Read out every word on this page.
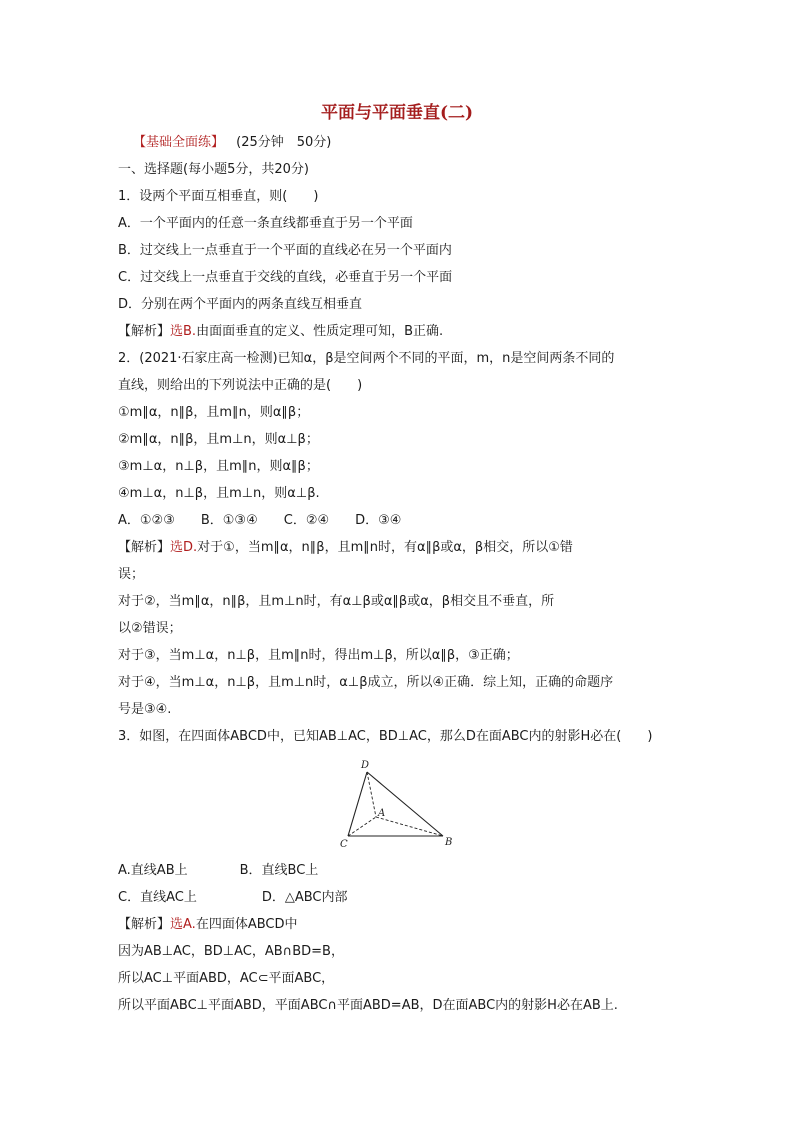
平面与平面垂直(二)
【基础全面练】 (25分钟　50分)
一、选择题(每小题5分，共20分)
1．设两个平面互相垂直，则(　　)
A．一个平面内的任意一条直线都垂直于另一个平面
B．过交线上一点垂直于一个平面的直线必在另一个平面内
C．过交线上一点垂直于交线的直线，必垂直于另一个平面
D．分别在两个平面内的两条直线互相垂直
【解析】选B.由面面垂直的定义、性质定理可知，B正确.
2．(2021·石家庄高一检测)已知α，β是空间两个不同的平面，m，n是空间两条不同的
直线，则给出的下列说法中正确的是(　　)
①m∥α，n∥β，且m∥n，则α∥β；
②m∥α，n∥β，且m⊥n，则α⊥β；
③m⊥α，n⊥β，且m∥n，则α∥β；
④m⊥α，n⊥β，且m⊥n，则α⊥β.
A．①②③　　B．①③④　　C．②④　　D．③④
【解析】选D.对于①，当m∥α，n∥β，且m∥n时，有α∥β或α，β相交，所以①错
误；
对于②，当m∥α，n∥β，且m⊥n时，有α⊥β或α∥β或α，β相交且不垂直，所
以②错误；
对于③，当m⊥α，n⊥β，且m∥n时，得出m⊥β，所以α∥β，③正确；
对于④，当m⊥α，n⊥β，且m⊥n时，α⊥β成立，所以④正确．综上知，正确的命题序
号是③④.
3．如图，在四面体ABCD中，已知AB⊥AC，BD⊥AC，那么D在面ABC内的射影H必在(　　)
D
A
B
C
A.直线AB上　　　　B．直线BC上
C．直线AC上　　　　　D．△ABC内部
【解析】选A.在四面体ABCD中
因为AB⊥AC，BD⊥AC，AB∩BD=B，
所以AC⊥平面ABD，AC⊂平面ABC，
所以平面ABC⊥平面ABD，平面ABC∩平面ABD=AB，D在面ABC内的射影H必在AB上.
